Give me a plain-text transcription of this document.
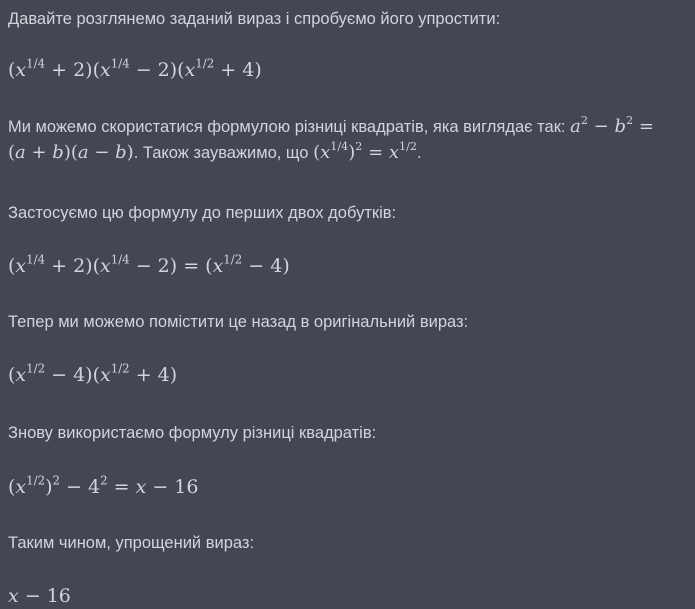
Давайте розглянемо заданий вираз і спробуємо його упростити:

$(x^{1/4} + 2)(x^{1/4} - 2)(x^{1/2} + 4)$

Ми можемо скористатися формулою різниці квадратів, яка виглядає так: $a^2 - b^2$ =
(a + b)(a − b). Також зауважимо, що $(x^{1/4})^2 = x^{1/2}$.

Застосуємо цю формулу до перших двох добутків:

$(x^{1/4} + 2)(x^{1/4} - 2) = (x^{1/2} - 4)$

Тепер ми можемо помістити це назад в оригінальний вираз:

$(x^{1/2} - 4)(x^{1/2} + 4)$

Знову використаємо формулу різниці квадратів:

$(x^{1/2})^2 - 4^2 = x - 16$

Таким чином, упрощений вираз:

x − 16
